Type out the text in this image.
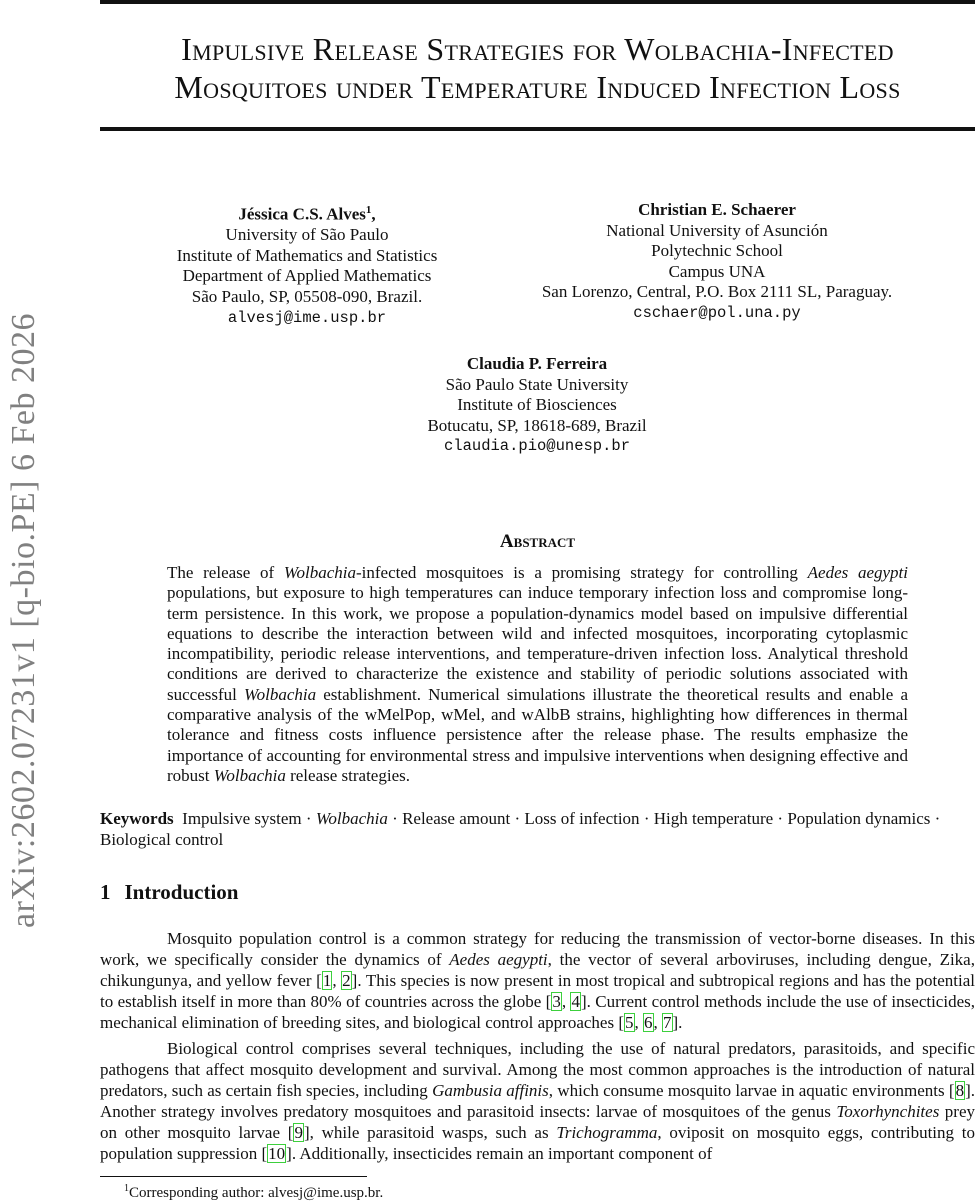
arXiv:2602.07231v1 [q-bio.PE] 6 Feb 2026
Impulsive Release Strategies for Wolbachia-Infected
Mosquitoes under Temperature Induced Infection Loss
Jéssica C.S. Alves$^1$,
University of São Paulo
Institute of Mathematics and Statistics
Department of Applied Mathematics
São Paulo, SP, 05508-090, Brazil.
alvesj@ime.usp.br
Christian E. Schaerer
National University of Asunción
Polytechnic School
Campus UNA
San Lorenzo, Central, P.O. Box 2111 SL, Paraguay.
cschaer@pol.una.py
Claudia P. Ferreira
São Paulo State University
Institute of Biosciences
Botucatu, SP, 18618-689, Brazil
claudia.pio@unesp.br
Abstract

The release of Wolbachia-infected mosquitoes is a promising strategy for controlling Aedes aegypti populations, but exposure to high temperatures can induce temporary infection loss and compromise long-term persistence. In this work, we propose a population-dynamics model based on impulsive differential equations to describe the interaction between wild and infected mosquitoes, incorporating cytoplasmic incompatibility, periodic release interventions, and temperature-driven infection loss. Analytical threshold conditions are derived to characterize the existence and stability of periodic solutions associated with successful Wolbachia establishment. Numerical simulations illustrate the theoretical results and enable a comparative analysis of the wMelPop, wMel, and wAlbB strains, highlighting how differences in thermal tolerance and fitness costs influence persistence after the release phase. The results emphasize the importance of accounting for environmental stress and impulsive interventions when designing effective and robust Wolbachia release strategies.

Keywords Impulsive system · Wolbachia · Release amount · Loss of infection · High temperature · Population dynamics · Biological control

1 Introduction

Mosquito population control is a common strategy for reducing the transmission of vector-borne diseases. In this work, we specifically consider the dynamics of Aedes aegypti, the vector of several arboviruses, including dengue, Zika, chikungunya, and yellow fever [1, 2]. This species is now present in most tropical and subtropical regions and has the potential to establish itself in more than 80% of countries across the globe [3, 4]. Current control methods include the use of insecticides, mechanical elimination of breeding sites, and biological control approaches [5, 6, 7].

Biological control comprises several techniques, including the use of natural predators, parasitoids, and specific pathogens that affect mosquito development and survival. Among the most common approaches is the introduction of natural predators, such as certain fish species, including Gambusia affinis, which consume mosquito larvae in aquatic environments [8]. Another strategy involves predatory mosquitoes and parasitoid insects: larvae of mosquitoes of the genus Toxorhynchites prey on other mosquito larvae [9], while parasitoid wasps, such as Trichogramma, oviposit on mosquito eggs, contributing to population suppression [10]. Additionally, insecticides remain an important component of

$^1$Corresponding author: alvesj@ime.usp.br.
